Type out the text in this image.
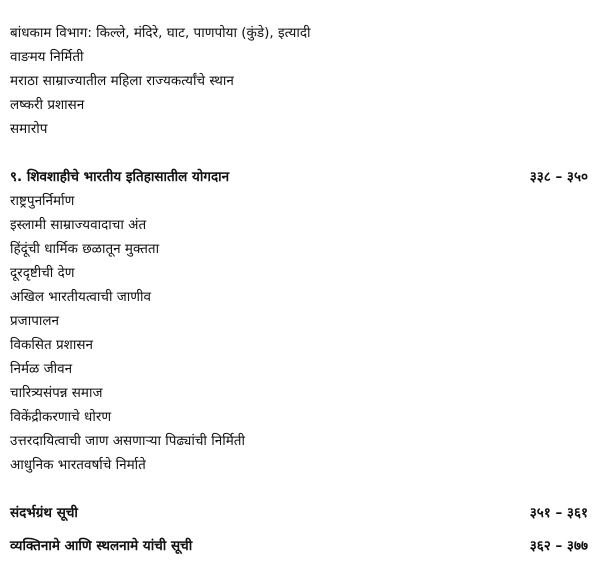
बांधकाम विभाग: किल्ले, मंदिरे, घाट, पाणपोया (कुंडे), इत्यादी
वाङमय निर्मिती
मराठा साम्राज्यातील महिला राज्यकर्त्यांचे स्थान
लष्करी प्रशासन
समारोप
९. शिवशाहीचे भारतीय इतिहासातील योगदान	३३८ – ३५०
राष्ट्रपुनर्निर्माण
इस्लामी साम्राज्यवादाचा अंत
हिंदूंची धार्मिक छळातून मुक्तता
दूरदृष्टीची देण
अखिल भारतीयत्वाची जाणीव
प्रजापालन
विकसित प्रशासन
निर्मळ जीवन
चारित्र्यसंपन्न समाज
विकेंद्रीकरणाचे धोरण
उत्तरदायित्वाची जाण असणाऱ्या पिढ्यांची निर्मिती
आधुनिक भारतवर्षाचे निर्माते
संदर्भग्रंथ सूची	३५१ – ३६१
व्यक्तिनामे आणि स्थलनामे यांची सूची	३६२ – ३७७
